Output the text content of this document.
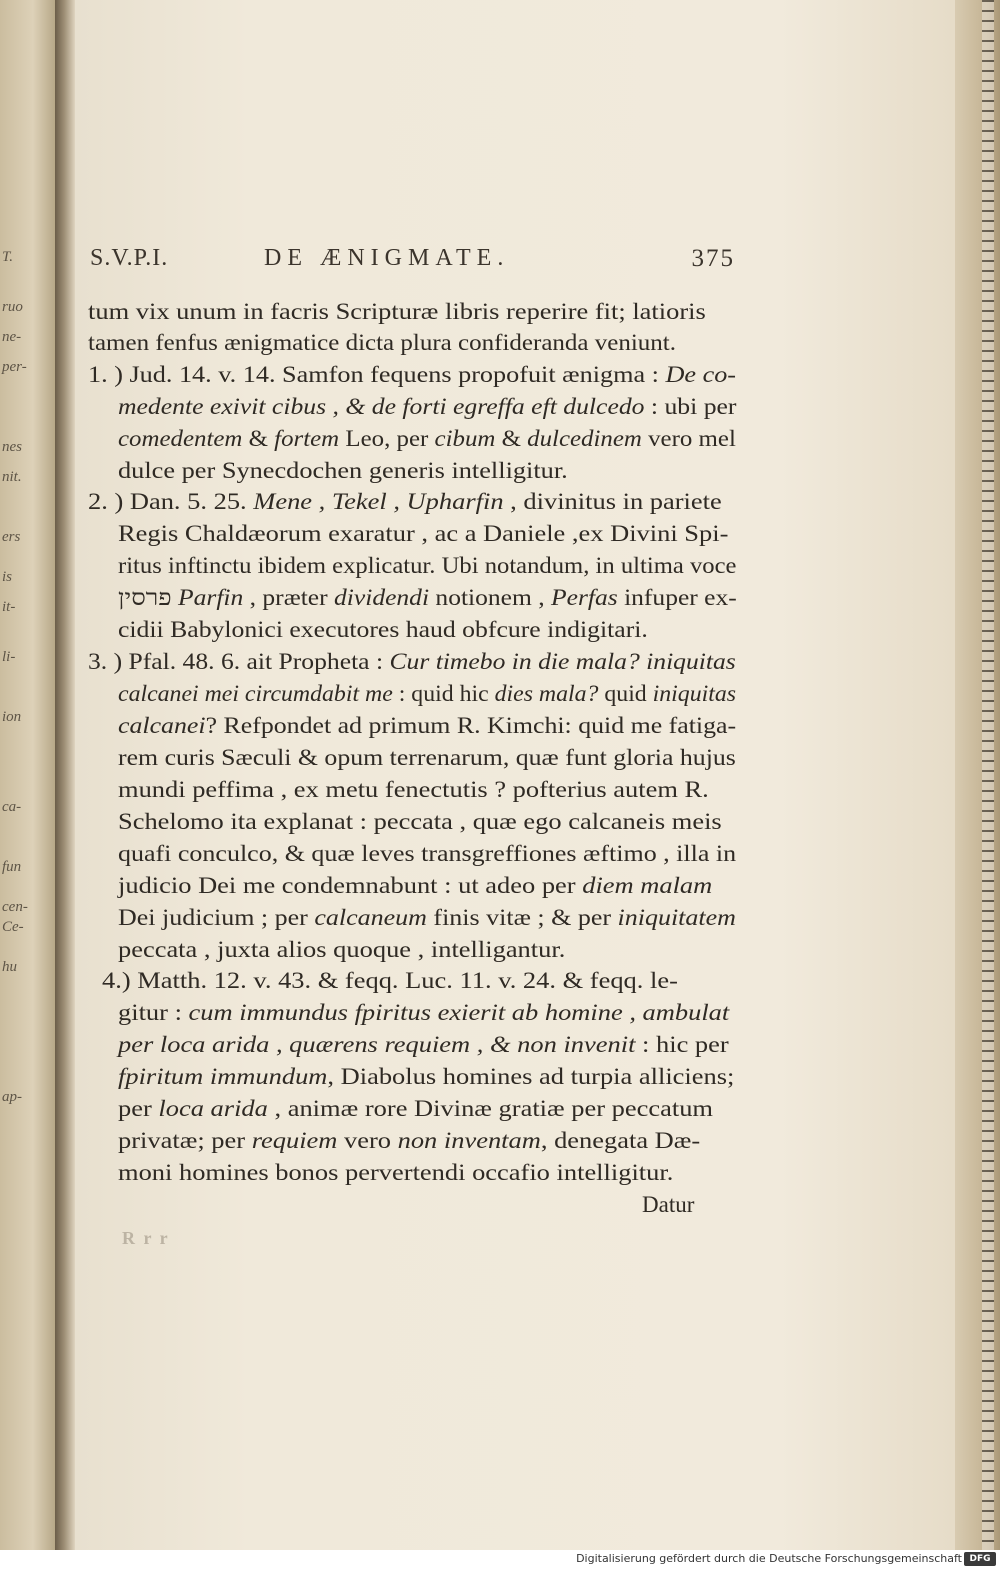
T.
ruo
ne-
per-
nes
nit.
ers
is
it-
li-
ion
ca-
fun
cen-
Ce-
hu
ap-
S.V.P.I.	DE ÆNIGMATE.	375
tum vix unum in facris Scripturæ libris reperire fit; latioris
tamen fenfus ænigmatice dicta plura confideranda veniunt.
1. ) Jud. 14. v. 14. Samfon fequens propofuit ænigma : De co-
medente exivit cibus , & de forti egreffa eft dulcedo : ubi per
comedentem & fortem Leo, per cibum & dulcedinem vero mel
dulce per Synecdochen generis intelligitur.
2. ) Dan. 5. 25. Mene , Tekel , Upharfin , divinitus in pariete
Regis Chaldæorum exaratur , ac a Daniele ,ex Divini Spi-
ritus inftinctu ibidem explicatur. Ubi notandum, in ultima voce
פרסין Parfin , præter dividendi notionem , Perfas infuper ex-
cidii Babylonici executores haud obfcure indigitari.
3. ) Pfal. 48. 6. ait Propheta : Cur timebo in die mala? iniquitas
calcanei mei circumdabit me : quid hic dies mala? quid iniquitas
calcanei? Refpondet ad primum R. Kimchi: quid me fatiga-
rem curis Sæculi & opum terrenarum, quæ funt gloria hujus
mundi peffima , ex metu fenectutis ? pofterius autem R.
Schelomo ita explanat : peccata , quæ ego calcaneis meis
quafi conculco, & quæ leves transgreffiones æftimo , illa in
judicio Dei me condemnabunt : ut adeo per diem malam
Dei judicium ; per calcaneum finis vitæ ; & per iniquitatem
peccata , juxta alios quoque , intelligantur.
4.) Matth. 12. v. 43. & feqq. Luc. 11. v. 24. & feqq. le-
gitur : cum immundus fpiritus exierit ab homine , ambulat
per loca arida , quærens requiem , & non invenit : hic per
fpiritum immundum, Diabolus homines ad turpia alliciens;
per loca arida , animæ rore Divinæ gratiæ per peccatum
privatæ; per requiem vero non inventam, denegata Dæ-
moni homines bonos pervertendi occafio intelligitur.
Datur
R r r
Digitalisierung gefördert durch die Deutsche Forschungsgemeinschaft DFG
